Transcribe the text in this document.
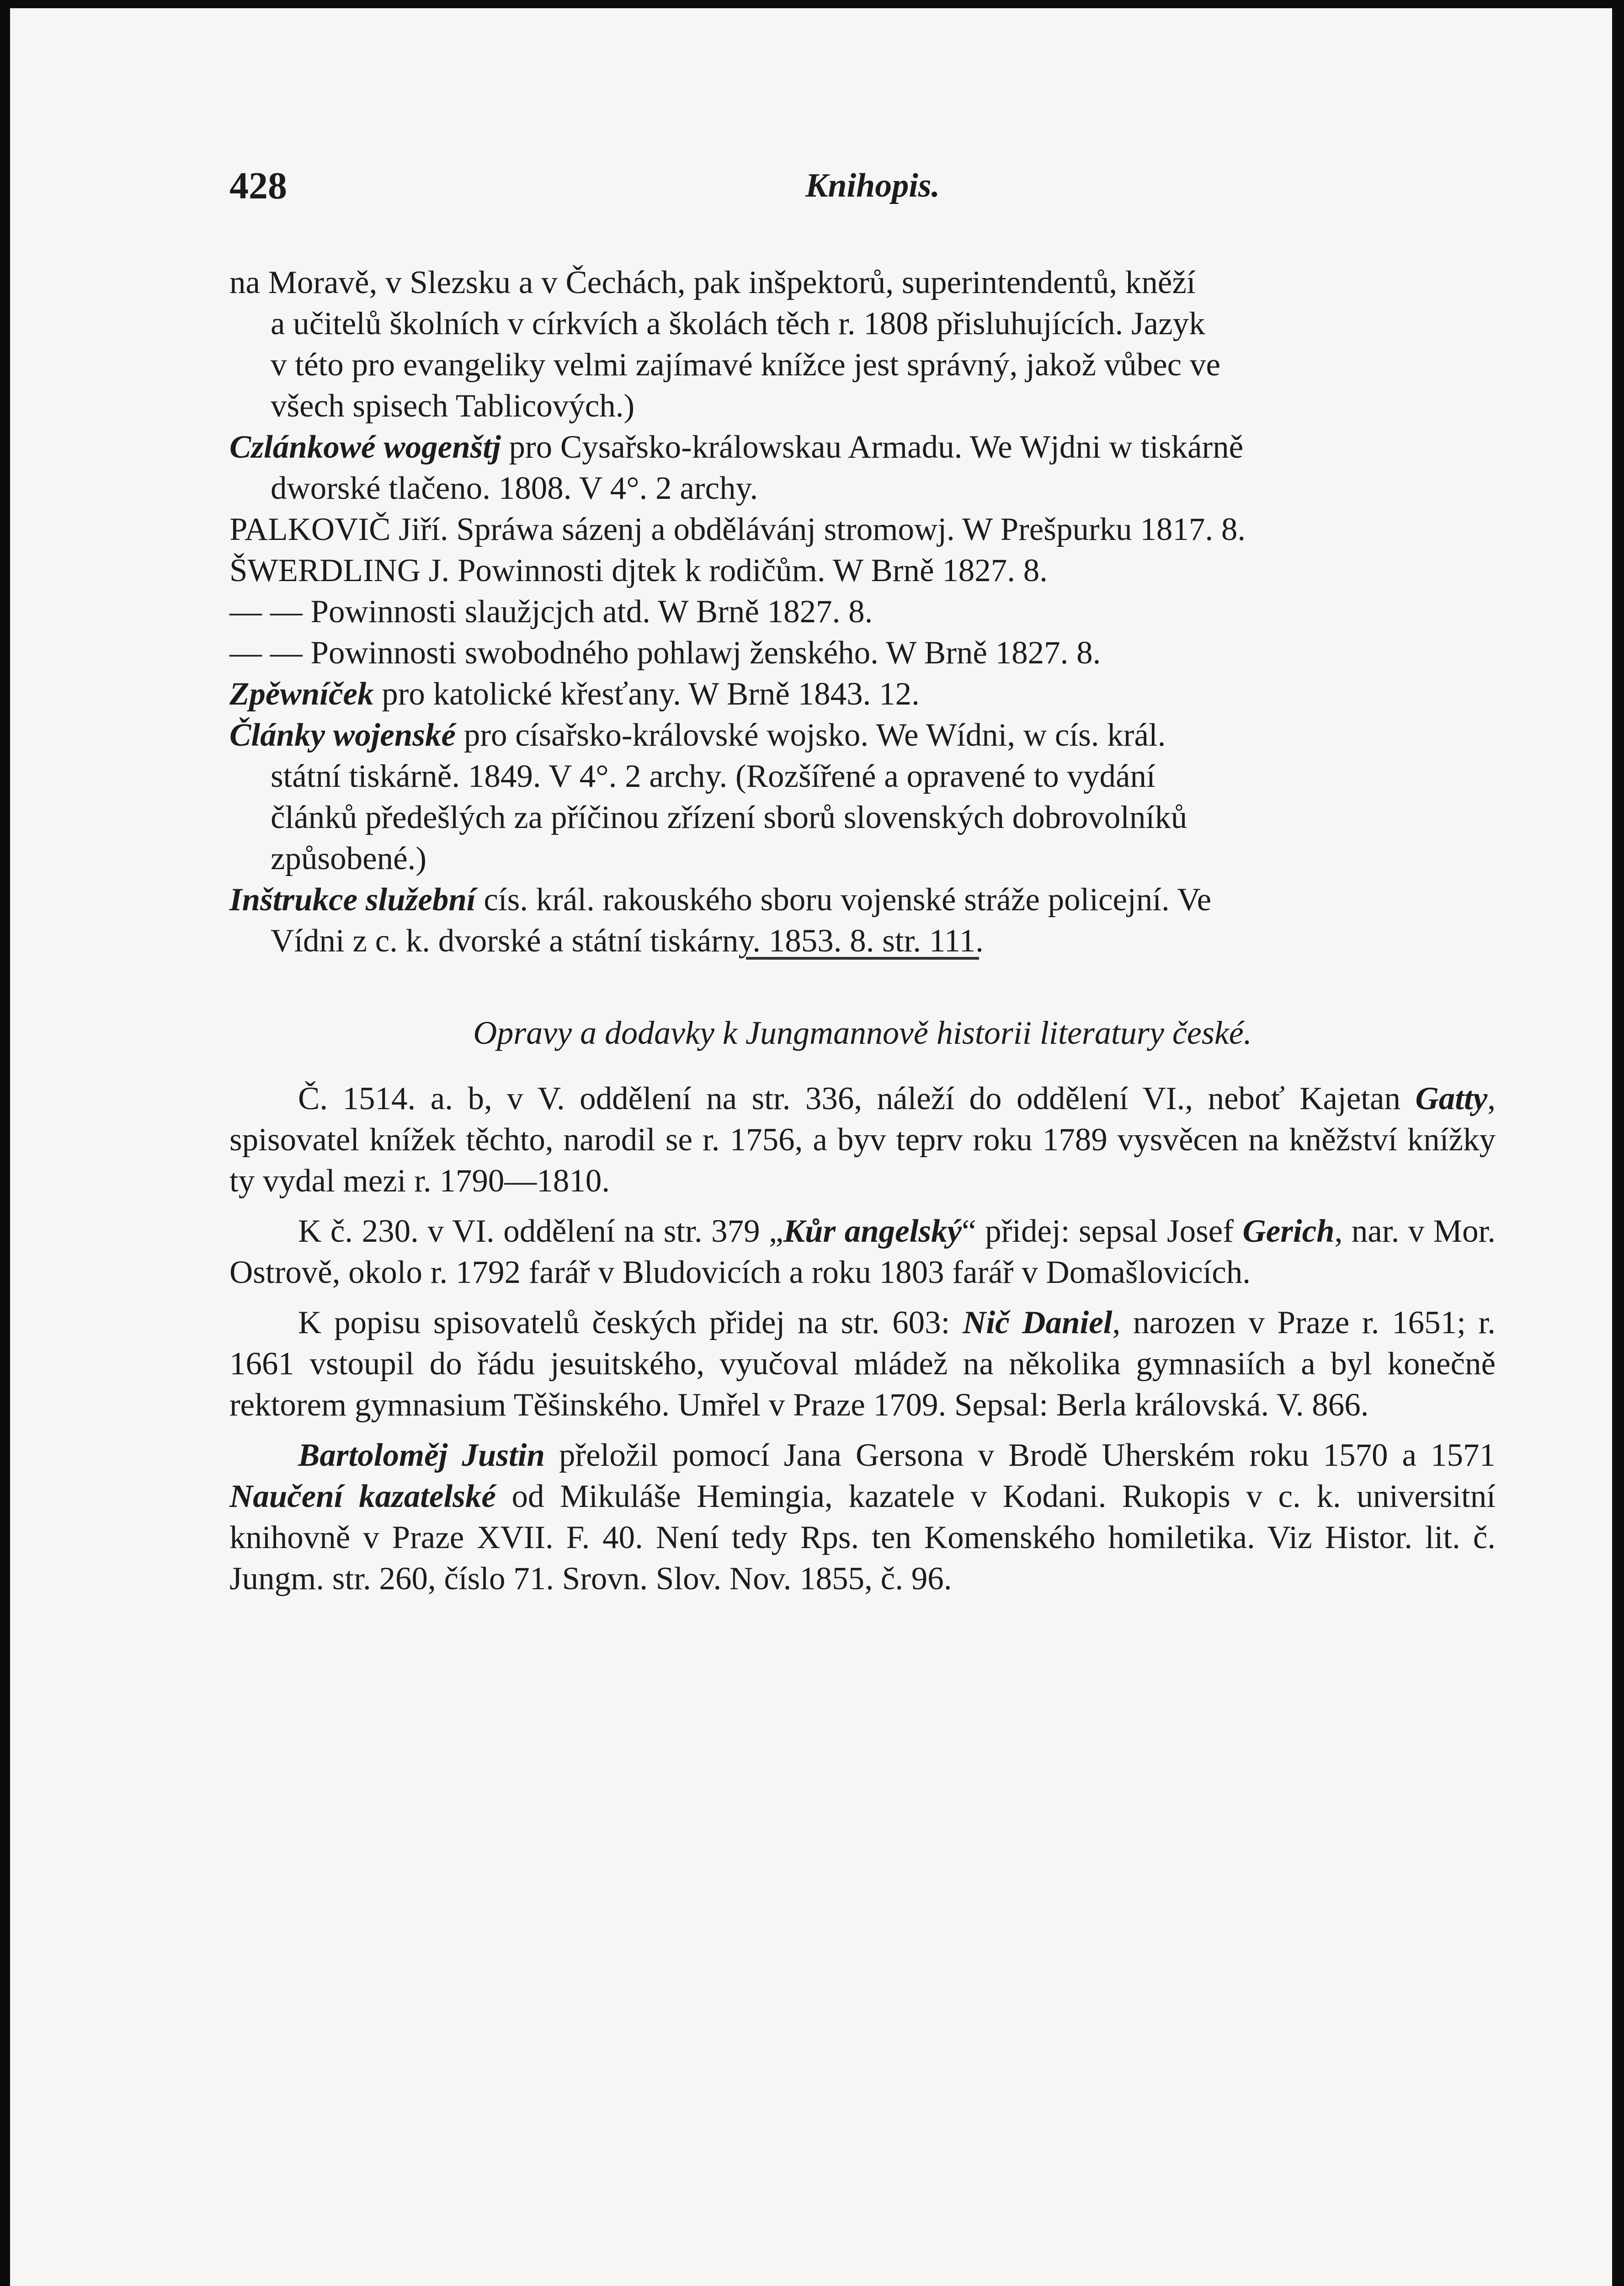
428	Knihopis.
na Moravě, v Slezsku a v Čechách, pak inšpektorů, superintendentů, kněží
a učitelů školních v církvích a školách těch r. 1808 přisluhujících. Jazyk
v této pro evangeliky velmi zajímavé knížce jest správný, jakož vůbec ve
všech spisech Tablicových.)
Czlánkowé wogenštj pro Cysařsko-králowskau Armadu. We Wjdni w tiskárně
dworské tlačeno. 1808. V 4°. 2 archy.
PALKOVIČ Jiří. Spráwa sázenj a obdělávánj stromowj. W Prešpurku 1817. 8.
ŠWERDLING J. Powinnosti djtek k rodičům. W Brně 1827. 8.
— — Powinnosti slaužjcjch atd. W Brně 1827. 8.
— — Powinnosti swobodného pohlawj ženského. W Brně 1827. 8.
Zpěwníček pro katolické křesťany. W Brně 1843. 12.
Články wojenské pro císařsko-královské wojsko. We Wídni, w cís. král.
státní tiskárně. 1849. V 4°. 2 archy. (Rozšířené a opravené to vydání
článků předešlých za příčinou zřízení sborů slovenských dobrovolníků
způsobené.)
Inštrukce služební cís. král. rakouského sboru vojenské stráže policejní. Ve
Vídni z c. k. dvorské a státní tiskárny. 1853. 8. str. 111.
Opravy a dodavky k Jungmannově historii literatury české.

Č. 1514. a. b, v V. oddělení na str. 336, náleží do oddělení VI., neboť Kajetan Gatty, spisovatel knížek těchto, narodil se r. 1756, a byv teprv roku 1789 vysvěcen na kněžství knížky ty vydal mezi r. 1790—1810.

K č. 230. v VI. oddělení na str. 379 „Kůr angelský“ přidej: sepsal Josef Gerich, nar. v Mor. Ostrově, okolo r. 1792 farář v Bludovicích a roku 1803 farář v Domašlovicích.

K popisu spisovatelů českých přidej na str. 603: Nič Daniel, narozen v Praze r. 1651; r. 1661 vstoupil do řádu jesuitského, vyučoval mládež na několika gymnasiích a byl konečně rektorem gymnasium Těšinského. Umřel v Praze 1709. Sepsal: Berla královská. V. 866.

Bartoloměj Justin přeložil pomocí Jana Gersona v Brodě Uherském roku 1570 a 1571 Naučení kazatelské od Mikuláše Hemingia, kazatele v Kodani. Rukopis v c. k. universitní knihovně v Praze XVII. F. 40. Není tedy Rps. ten Komenského homiletika. Viz Histor. lit. č. Jungm. str. 260, číslo 71. Srovn. Slov. Nov. 1855, č. 96.
